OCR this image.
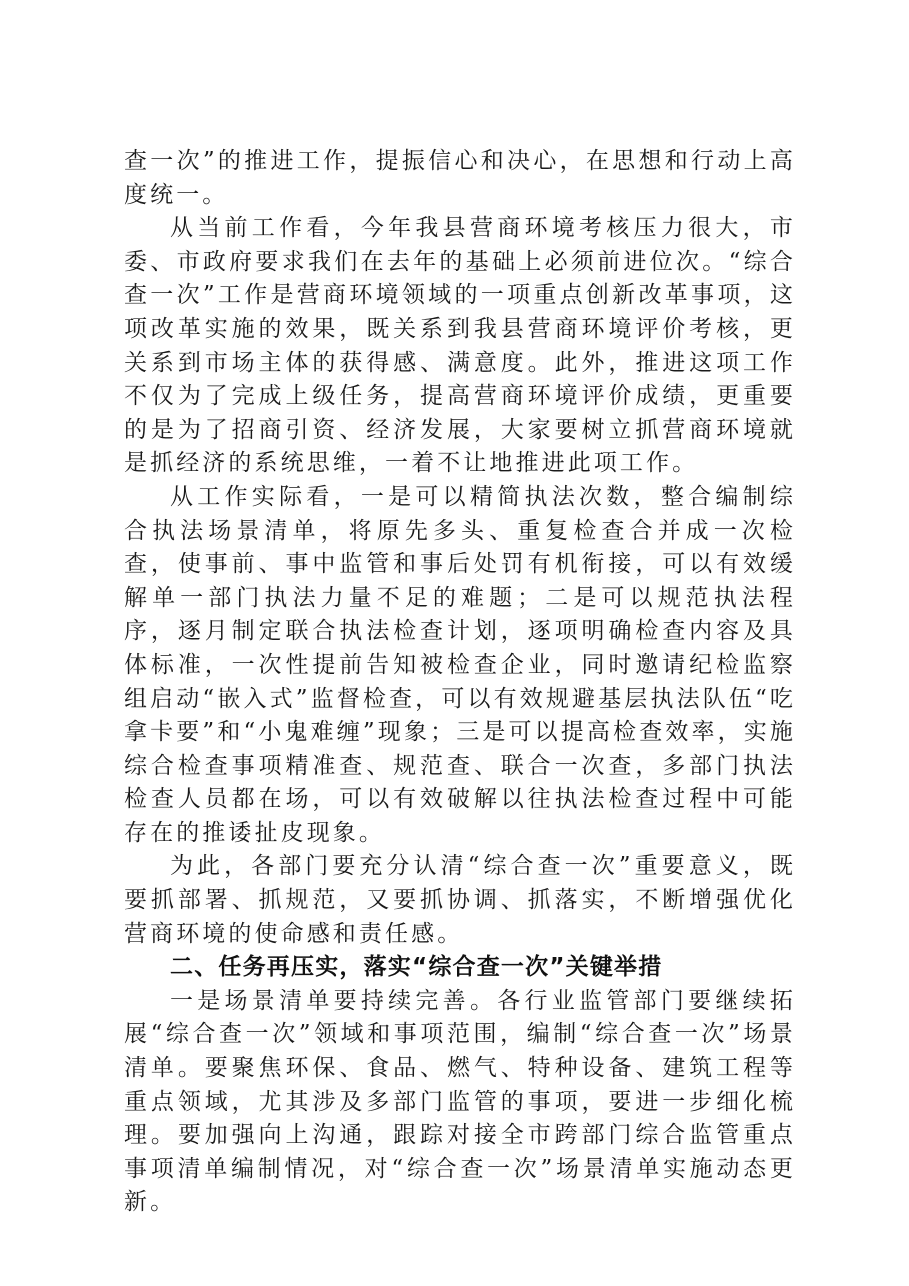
查一次”的推进工作，提振信心和决心，在思想和行动上高度统一。

从当前工作看，今年我县营商环境考核压力很大，市委、市政府要求我们在去年的基础上必须前进位次。“综合查一次”工作是营商环境领域的一项重点创新改革事项，这项改革实施的效果，既关系到我县营商环境评价考核，更关系到市场主体的获得感、满意度。此外，推进这项工作不仅为了完成上级任务，提高营商环境评价成绩，更重要的是为了招商引资、经济发展，大家要树立抓营商环境就是抓经济的系统思维，一着不让地推进此项工作。

从工作实际看，一是可以精简执法次数，整合编制综合执法场景清单，将原先多头、重复检查合并成一次检查，使事前、事中监管和事后处罚有机衔接，可以有效缓解单一部门执法力量不足的难题；二是可以规范执法程序，逐月制定联合执法检查计划，逐项明确检查内容及具体标准，一次性提前告知被检查企业，同时邀请纪检监察组启动“嵌入式”监督检查，可以有效规避基层执法队伍“吃拿卡要”和“小鬼难缠”现象；三是可以提高检查效率，实施综合检查事项精准查、规范查、联合一次查，多部门执法检查人员都在场，可以有效破解以往执法检查过程中可能存在的推诿扯皮现象。

为此，各部门要充分认清“综合查一次”重要意义，既要抓部署、抓规范，又要抓协调、抓落实，不断增强优化营商环境的使命感和责任感。

二、任务再压实，落实“综合查一次”关键举措

一是场景清单要持续完善。各行业监管部门要继续拓展“综合查一次”领域和事项范围，编制“综合查一次”场景清单。要聚焦环保、食品、燃气、特种设备、建筑工程等重点领域，尤其涉及多部门监管的事项，要进一步细化梳理。要加强向上沟通，跟踪对接全市跨部门综合监管重点事项清单编制情况，对“综合查一次”场景清单实施动态更新。
